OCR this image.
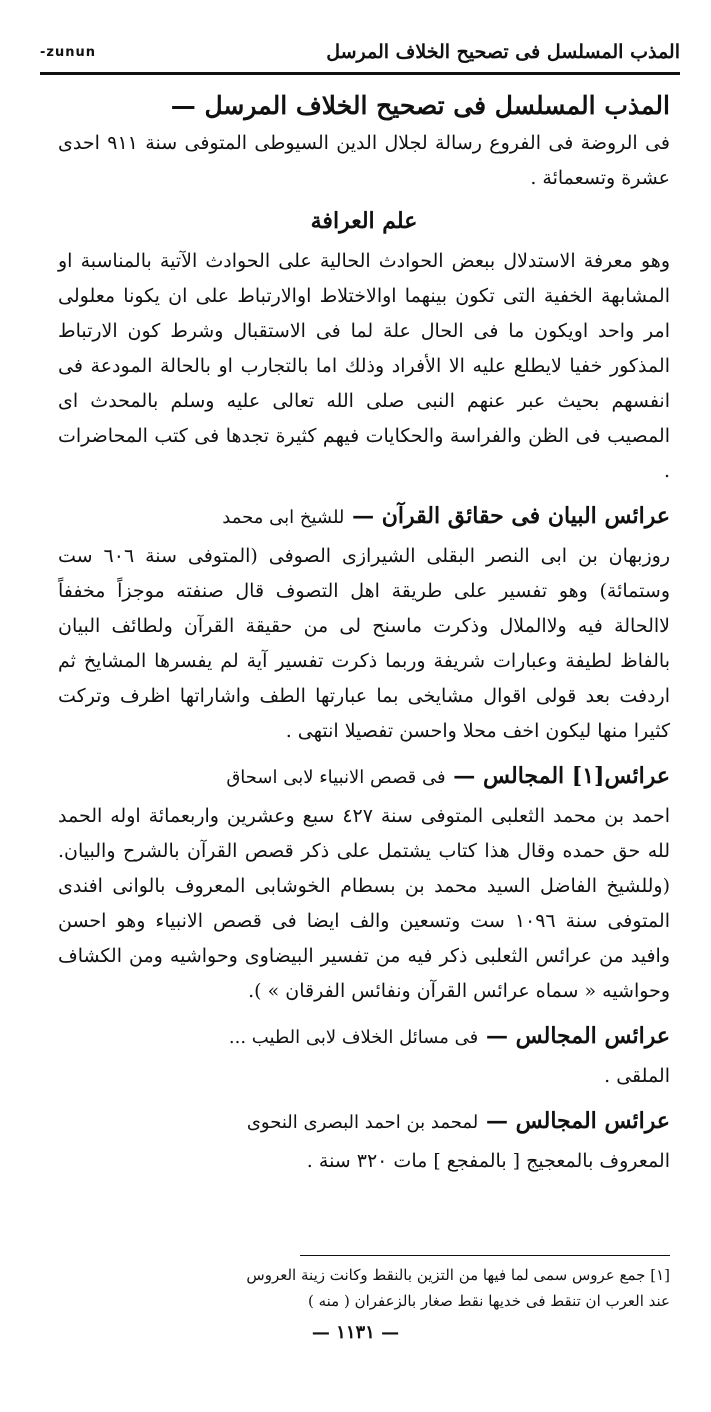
المذب المسلسل فى تصحيح الخلاف المرسل
-zunun
المذب المسلسل فى تصحيح الخلاف المرسل —

فى الروضة فى الفروع رسالة لجلال الدين السيوطى المتوفى سنة ٩١١ احدى عشرة وتسعمائة .

علم العرافة

وهو معرفة الاستدلال ببعض الحوادث الحالية على الحوادث الآتية بالمناسبة او المشابهة الخفية التى تكون بينهما اوالاختلاط اوالارتباط على ان يكونا معلولى امر واحد اويكون ما فى الحال علة لما فى الاستقبال وشرط كون الارتباط المذكور خفيا لايطلع عليه الا الأفراد وذلك اما بالتجارب او بالحالة المودعة فى انفسهم بحيث عبر عنهم النبى صلى الله تعالى عليه وسلم بالمحدث اى المصيب فى الظن والفراسة والحكايات فيهم كثيرة تجدها فى كتب المحاضرات .

عرائس البيان فى حقائق القرآن — للشيخ ابى محمد

روزبهان بن ابى النصر البقلى الشيرازى الصوفى (المتوفى سنة ٦٠٦ ست وستمائة) وهو تفسير على طريقة اهل التصوف قال صنفته موجزاً مخففاً لاالحالة فيه ولاالملال وذكرت ماسنح لى من حقيقة القرآن ولطائف البيان بالفاظ لطيفة وعبارات شريفة وربما ذكرت تفسير آية لم يفسرها المشايخ ثم اردفت بعد قولى اقوال مشايخى بما عبارتها الطف واشاراتها اظرف وتركت كثيرا منها ليكون اخف محلا واحسن تفصيلا انتهى .

عرائس[١] المجالس — فى قصص الانبياء لابى اسحاق

احمد بن محمد الثعلبى المتوفى سنة ٤٢٧ سبع وعشرين واربعمائة اوله الحمد لله حق حمده وقال هذا كتاب يشتمل على ذكر قصص القرآن بالشرح والبيان. (وللشيخ الفاضل السيد محمد بن بسطام الخوشابى المعروف بالوانى افندى المتوفى سنة ١٠٩٦ ست وتسعين والف ايضا فى قصص الانبياء وهو احسن وافيد من عرائس الثعلبى ذكر فيه من تفسير البيضاوى وحواشيه ومن الكشاف وحواشيه « سماه عرائس القرآن ونفائس الفرقان » ).

عرائس المجالس — فى مسائل الخلاف لابى الطيب ...

الملقى .

عرائس المجالس — لمحمد بن احمد البصرى النحوى

المعروف بالمعجيج [ بالمفجع ] مات ٣٢٠ سنة .

[١] جمع عروس سمى لما فيها من التزين بالنقط وكانت زينة العروس
عند العرب ان تنقط فى خديها نقط صغار بالزعفران ( منه )
— ١١٣١ —
